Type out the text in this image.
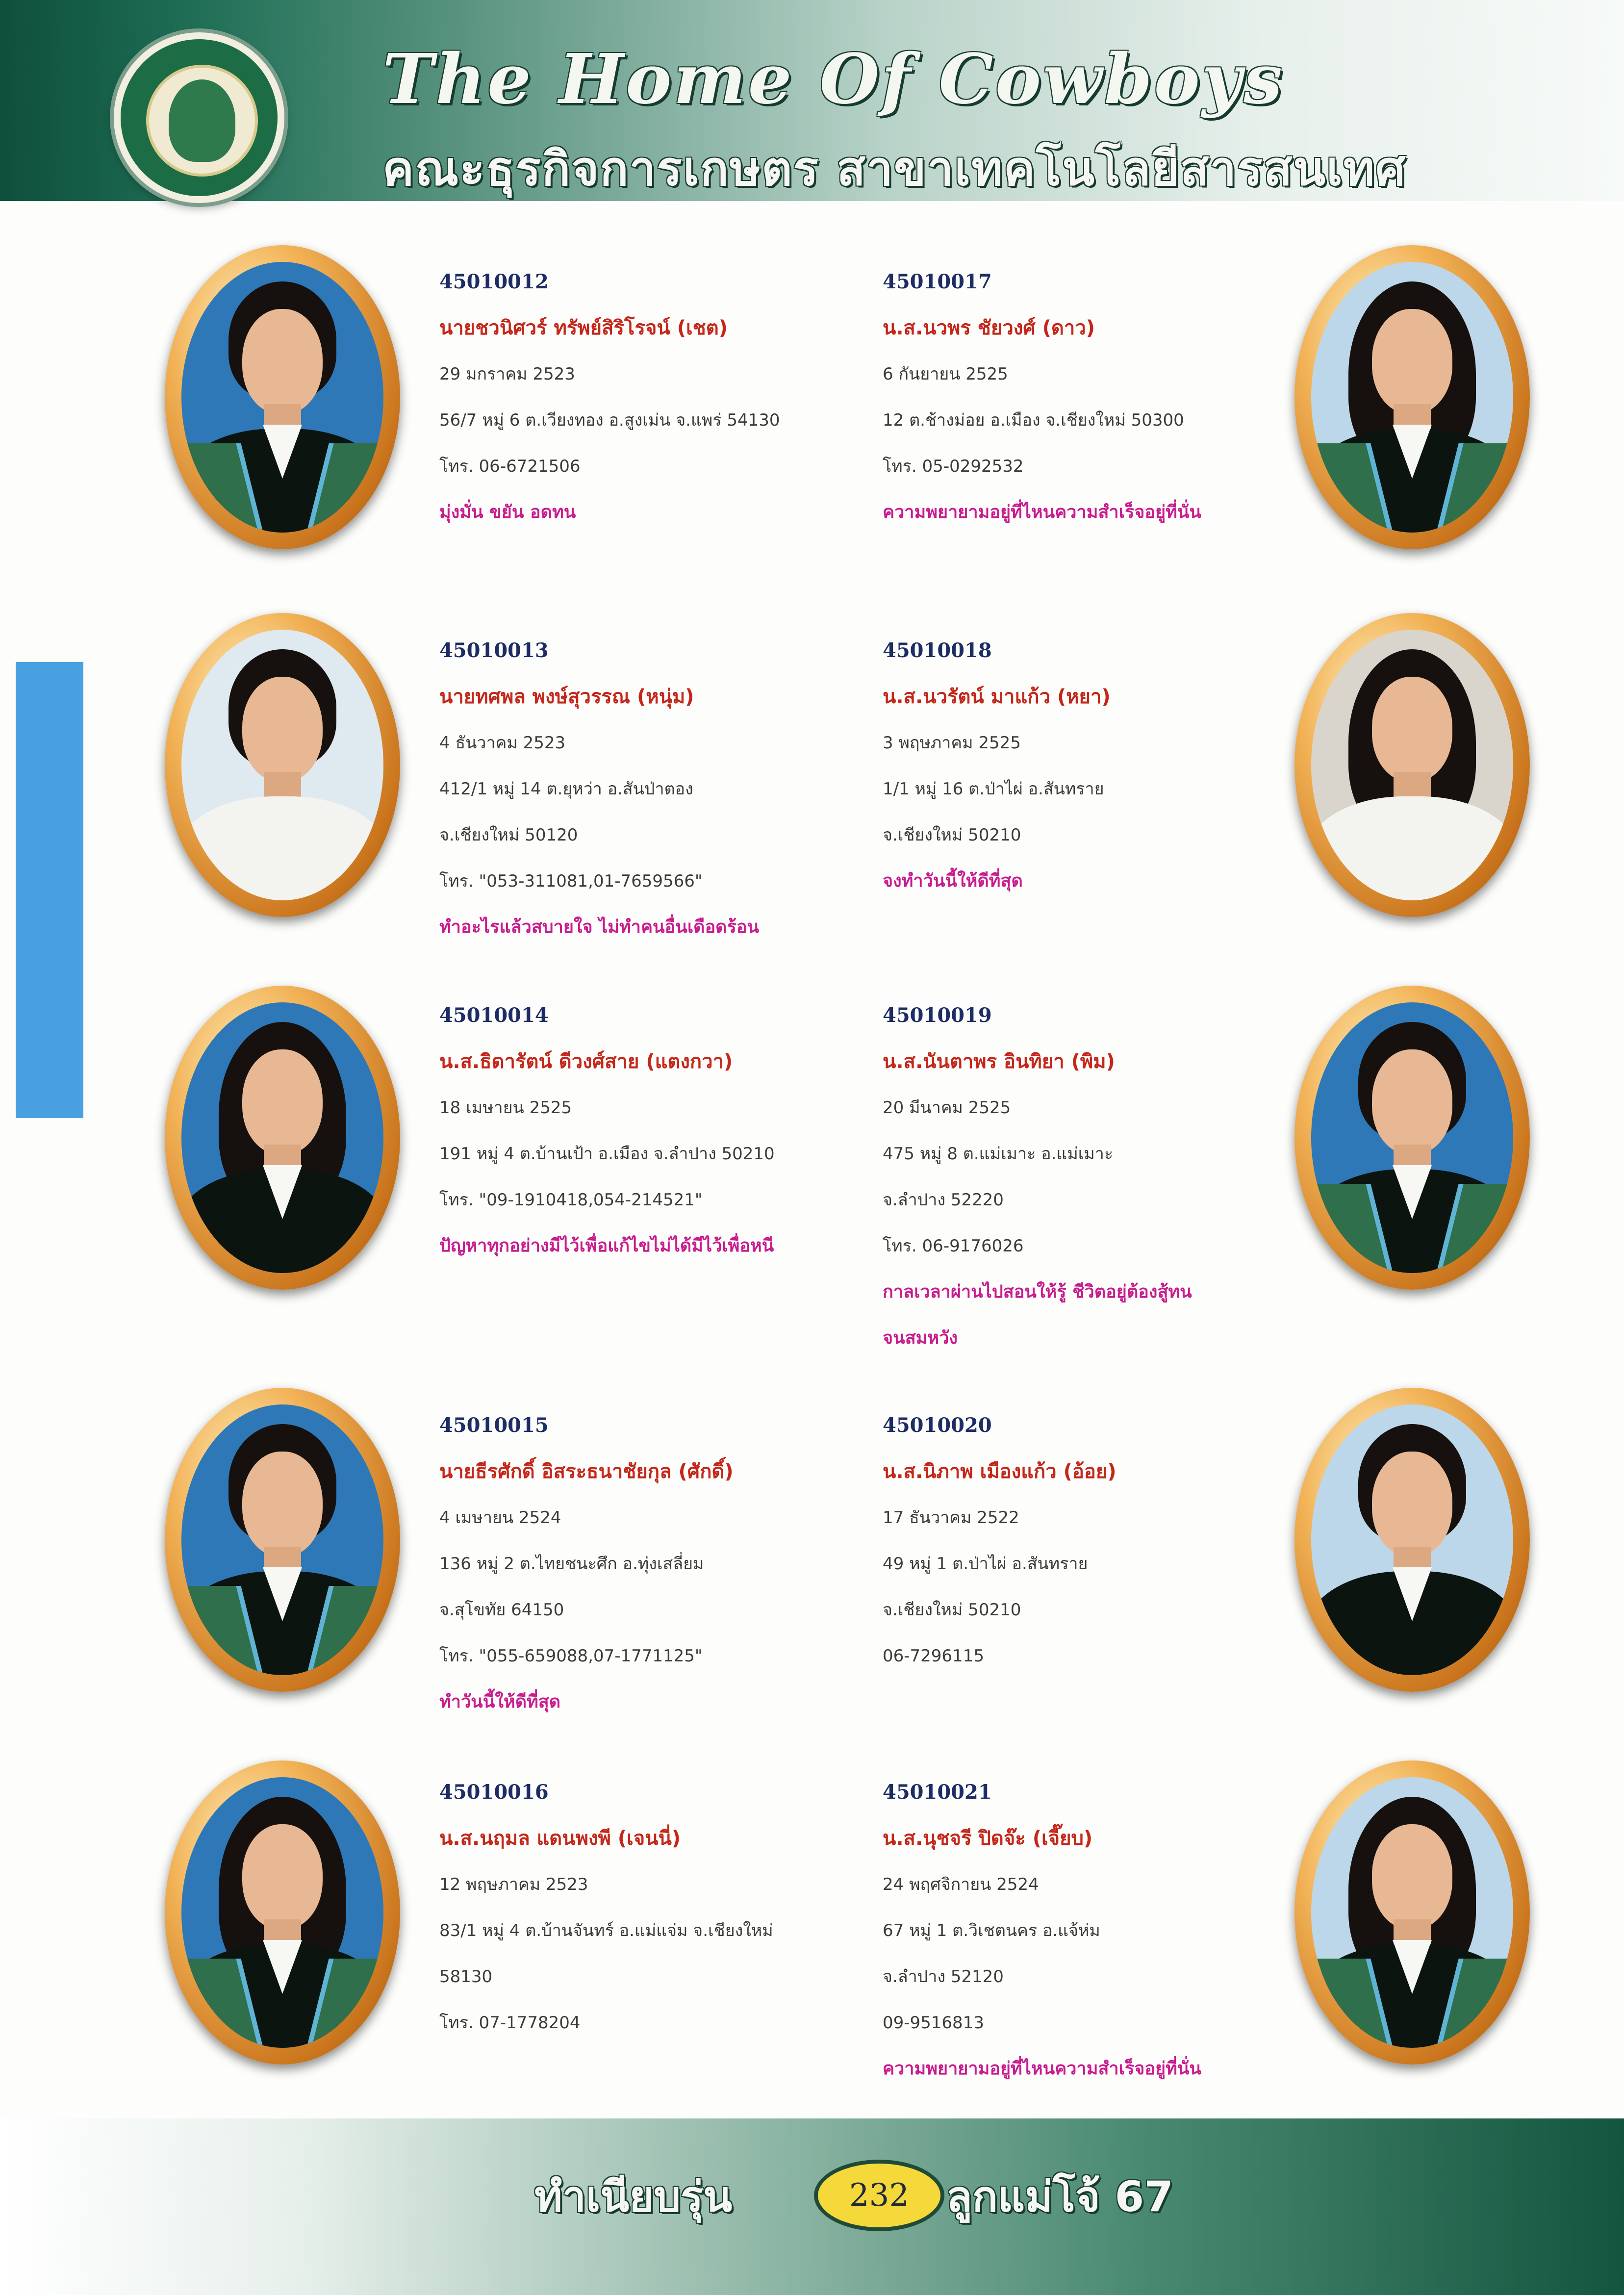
The Home Of Cowboys
คณะธุรกิจการเกษตร สาขาเทคโนโลยีสารสนเทศ
45010012
นายชวนิศวร์ ทรัพย์สิริโรจน์ (เชต)
29 มกราคม 2523
56/7 หมู่ 6 ต.เวียงทอง อ.สูงเม่น จ.แพร่ 54130
โทร. 06-6721506
มุ่งมั่น ขยัน อดทน
45010013
นายทศพล พงษ์สุวรรณ (หนุ่ม)
4 ธันวาคม 2523
412/1 หมู่ 14 ต.ยุหว่า อ.สันป่าตอง
จ.เชียงใหม่ 50120
โทร. "053-311081,01-7659566"
ทำอะไรแล้วสบายใจ ไม่ทำคนอื่นเดือดร้อน
45010014
น.ส.ธิดารัตน์ ดีวงศ์สาย (แตงกวา)
18 เมษายน 2525
191 หมู่ 4 ต.บ้านเป้า อ.เมือง จ.ลำปาง 50210
โทร. "09-1910418,054-214521"
ปัญหาทุกอย่างมีไว้เพื่อแก้ไขไม่ได้มีไว้เพื่อหนี
45010015
นายธีรศักดิ์ อิสระธนาชัยกุล (ศักดิ์)
4 เมษายน 2524
136 หมู่ 2 ต.ไทยชนะศึก อ.ทุ่งเสลี่ยม
จ.สุโขทัย 64150
โทร. "055-659088,07-1771125"
ทำวันนี้ให้ดีที่สุด
45010016
น.ส.นฤมล แดนพงพี (เจนนี่)
12 พฤษภาคม 2523
83/1 หมู่ 4 ต.บ้านจันทร์ อ.แม่แจ่ม จ.เชียงใหม่
58130
โทร. 07-1778204
45010017
น.ส.นวพร ชัยวงศ์ (ดาว)
6 กันยายน 2525
12 ต.ช้างม่อย อ.เมือง จ.เชียงใหม่ 50300
โทร. 05-0292532
ความพยายามอยู่ที่ไหนความสำเร็จอยู่ที่นั่น
45010018
น.ส.นวรัตน์ มาแก้ว (หยา)
3 พฤษภาคม 2525
1/1 หมู่ 16 ต.ป่าไผ่ อ.สันทราย
จ.เชียงใหม่ 50210
จงทำวันนี้ให้ดีที่สุด
45010019
น.ส.นันตาพร อินทิยา (พิม)
20 มีนาคม 2525
475 หมู่ 8 ต.แม่เมาะ อ.แม่เมาะ
จ.ลำปาง 52220
โทร. 06-9176026
กาลเวลาผ่านไปสอนให้รู้ ชีวิตอยู่ต้องสู้ทน
จนสมหวัง
45010020
น.ส.นิภาพ เมืองแก้ว (อ้อย)
17 ธันวาคม 2522
49 หมู่ 1 ต.ป่าไผ่ อ.สันทราย
จ.เชียงใหม่ 50210
06-7296115
45010021
น.ส.นุชจรี ปิดจ๊ะ (เจี๊ยบ)
24 พฤศจิกายน 2524
67 หมู่ 1 ต.วิเชตนคร อ.แจ้ห่ม
จ.ลำปาง 52120
09-9516813
ความพยายามอยู่ที่ไหนความสำเร็จอยู่ที่นั่น
ทำเนียบรุ่น	232 ลูกแม่โจ้ 67
